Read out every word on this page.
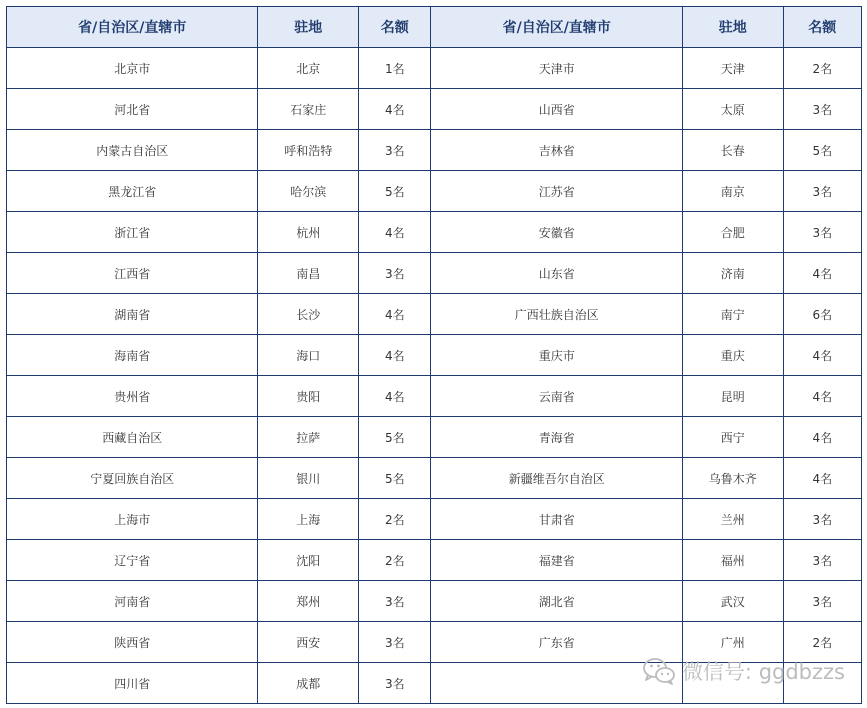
省/自治区/直辖市	驻地	名额	省/自治区/直辖市	驻地	名额
北京市	北京	1名	天津市	天津	2名
河北省	石家庄	4名	山西省	太原	3名
内蒙古自治区	呼和浩特	3名	吉林省	长春	5名
黑龙江省	哈尔滨	5名	江苏省	南京	3名
浙江省	杭州	4名	安徽省	合肥	3名
江西省	南昌	3名	山东省	济南	4名
湖南省	长沙	4名	广西壮族自治区	南宁	6名
海南省	海口	4名	重庆市	重庆	4名
贵州省	贵阳	4名	云南省	昆明	4名
西藏自治区	拉萨	5名	青海省	西宁	4名
宁夏回族自治区	银川	5名	新疆维吾尔自治区	乌鲁木齐	4名
上海市	上海	2名	甘肃省	兰州	3名
辽宁省	沈阳	2名	福建省	福州	3名
河南省	郑州	3名	湖北省	武汉	3名
陕西省	西安	3名	广东省	广州	2名
四川省	成都	3名				微信号: ggdbzzs
